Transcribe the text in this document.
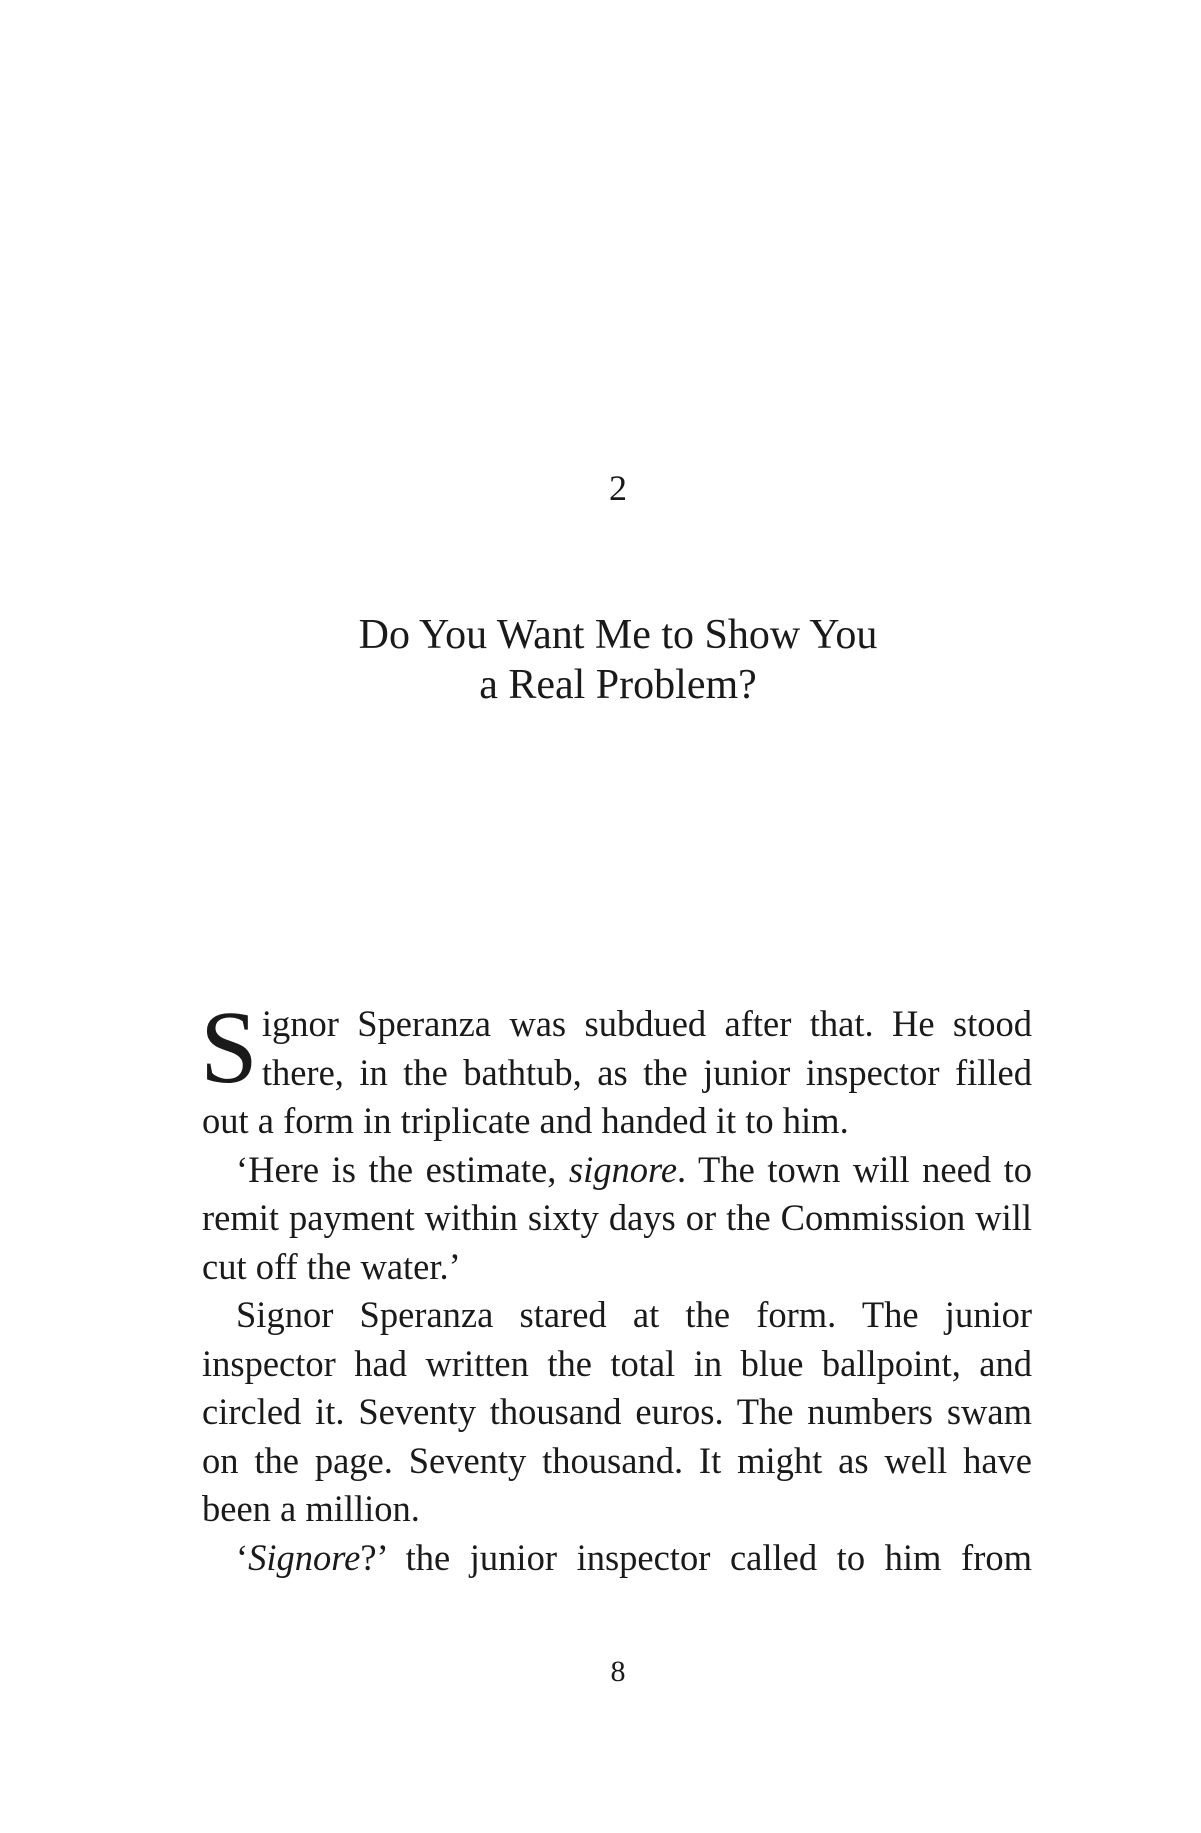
2
Do You Want Me to Show You
a Real Problem?

Signor Speranza was subdued after that. He stood there, in the bathtub, as the junior inspector filled out a form in triplicate and handed it to him.

‘Here is the estimate, signore. The town will need to remit payment within sixty days or the Commission will cut off the water.’

Signor Speranza stared at the form. The junior inspector had written the total in blue ballpoint, and circled it. Seventy thousand euros. The numbers swam on the page. Seventy thousand. It might as well have been a million.

‘Signore?’ the junior inspector called to him from

8
